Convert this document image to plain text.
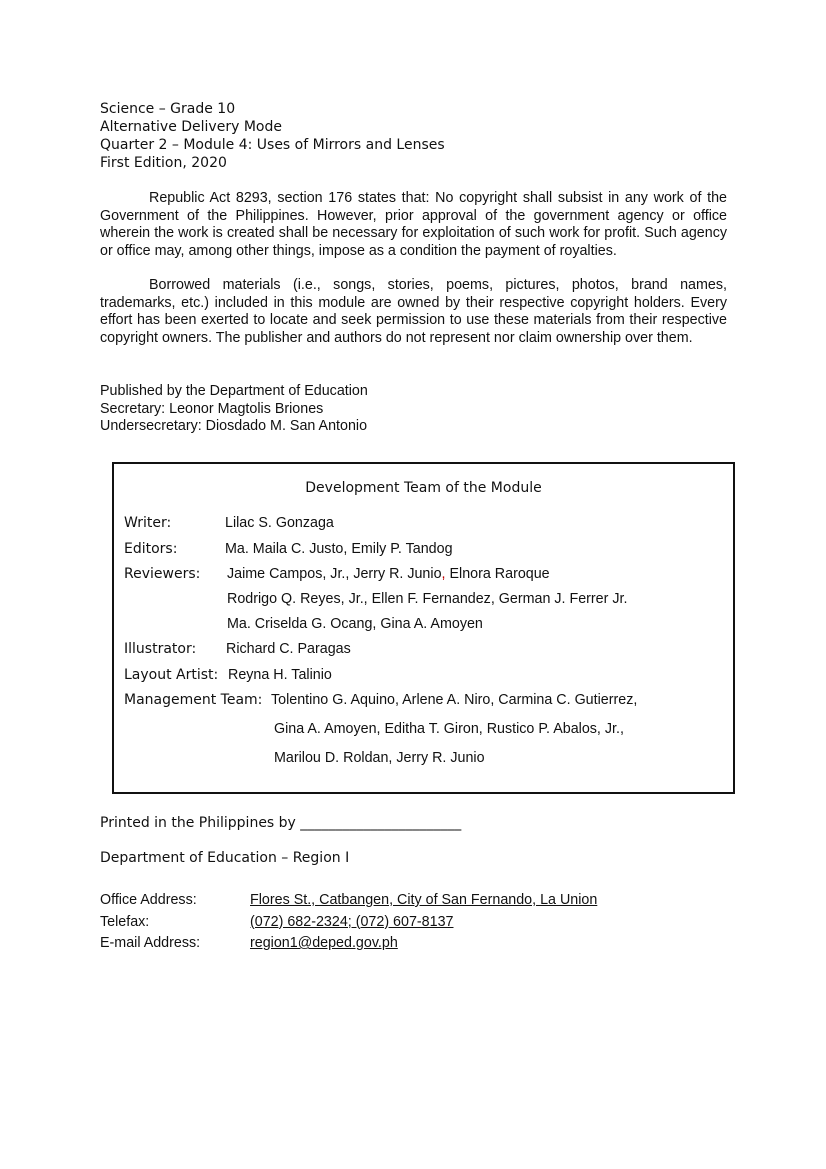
Science – Grade 10
Alternative Delivery Mode
Quarter 2 – Module 4: Uses of Mirrors and Lenses
First Edition, 2020
Republic Act 8293, section 176 states that: No copyright shall subsist in any work of the Government of the Philippines. However, prior approval of the government agency or office wherein the work is created shall be necessary for exploitation of such work for profit. Such agency or office may, among other things, impose as a condition the payment of royalties.
Borrowed materials (i.e., songs, stories, poems, pictures, photos, brand names, trademarks, etc.) included in this module are owned by their respective copyright holders. Every effort has been exerted to locate and seek permission to use these materials from their respective copyright owners. The publisher and authors do not represent nor claim ownership over them.
Published by the Department of Education
Secretary: Leonor Magtolis Briones
Undersecretary: Diosdado M. San Antonio
Development Team of the Module
Writer:	Lilac S. Gonzaga
Editors:	Ma. Maila C. Justo, Emily P. Tandog
Reviewers: Jaime Campos, Jr., Jerry R. Junio, Elnora Raroque
Rodrigo Q. Reyes, Jr., Ellen F. Fernandez, German J. Ferrer Jr.
Ma. Criselda G. Ocang, Gina A. Amoyen
Illustrator: Richard C. Paragas
Layout Artist: Reyna H. Talinio
Management Team: Tolentino G. Aquino, Arlene A. Niro, Carmina C. Gutierrez,
Gina A. Amoyen, Editha T. Giron, Rustico P. Abalos, Jr.,
Marilou D. Roldan, Jerry R. Junio
Printed in the Philippines by _______________________
Department of Education – Region I
Office Address:	Flores St., Catbangen, City of San Fernando, La Union
Telefax:	(072) 682-2324; (072) 607-8137
E-mail Address:	region1@deped.gov.ph
